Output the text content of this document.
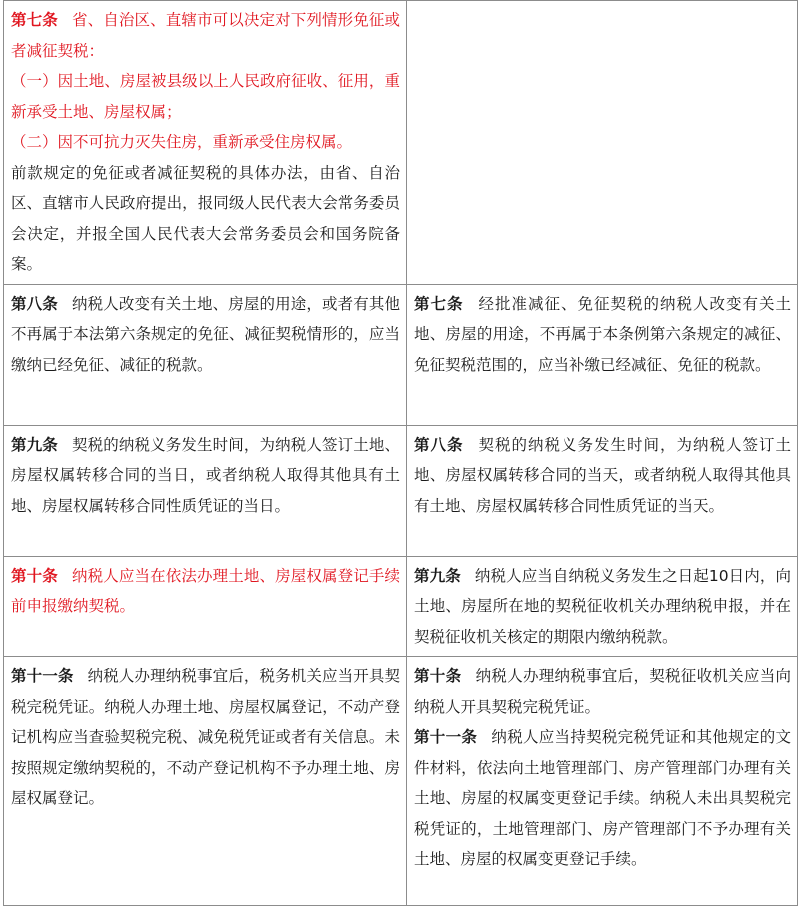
第七条 省、自治区、直辖市可以决定对下列情形免征或者减征契税：

（一）因土地、房屋被县级以上人民政府征收、征用，重新承受土地、房屋权属；

（二）因不可抗力灭失住房，重新承受住房权属。

前款规定的免征或者减征契税的具体办法，由省、自治区、直辖市人民政府提出，报同级人民代表大会常务委员会决定，并报全国人民代表大会常务委员会和国务院备案。	

第八条 纳税人改变有关土地、房屋的用途，或者有其他不再属于本法第六条规定的免征、减征契税情形的，应当缴纳已经免征、减征的税款。	第七条 经批准减征、免征契税的纳税人改变有关土地、房屋的用途，不再属于本条例第六条规定的减征、免征契税范围的，应当补缴已经减征、免征的税款。

第九条 契税的纳税义务发生时间，为纳税人签订土地、房屋权属转移合同的当日，或者纳税人取得其他具有土地、房屋权属转移合同性质凭证的当日。	第八条 契税的纳税义务发生时间，为纳税人签订土地、房屋权属转移合同的当天，或者纳税人取得其他具有土地、房屋权属转移合同性质凭证的当天。

第十条 纳税人应当在依法办理土地、房屋权属登记手续前申报缴纳契税。	第九条 纳税人应当自纳税义务发生之日起10日内，向土地、房屋所在地的契税征收机关办理纳税申报，并在契税征收机关核定的期限内缴纳税款。

第十一条 纳税人办理纳税事宜后，税务机关应当开具契税完税凭证。纳税人办理土地、房屋权属登记，不动产登记机构应当查验契税完税、减免税凭证或者有关信息。未按照规定缴纳契税的，不动产登记机构不予办理土地、房屋权属登记。	第十条 纳税人办理纳税事宜后，契税征收机关应当向纳税人开具契税完税凭证。

第十一条 纳税人应当持契税完税凭证和其他规定的文件材料，依法向土地管理部门、房产管理部门办理有关土地、房屋的权属变更登记手续。纳税人未出具契税完税凭证的，土地管理部门、房产管理部门不予办理有关土地、房屋的权属变更登记手续。
